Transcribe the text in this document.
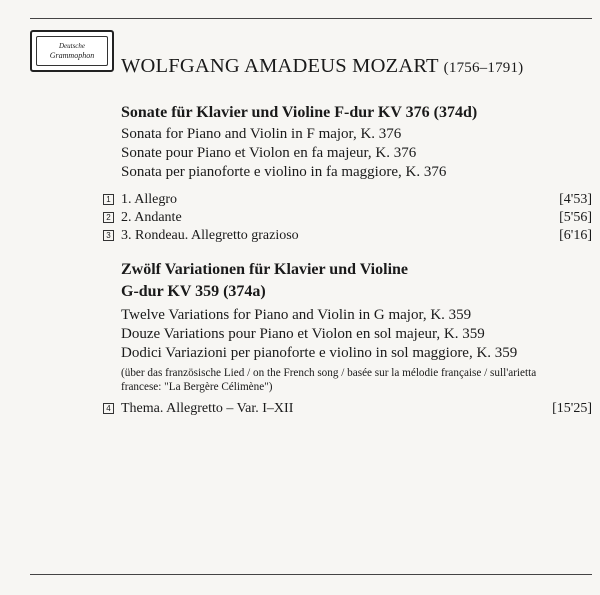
Deutsche
Grammophon WOLFGANG AMADEUS MOZART (1756–1791)
Sonate für Klavier und Violine F-dur KV 376 (374d)
Sonata for Piano and Violin in F major, K. 376
Sonate pour Piano et Violon en fa majeur, K. 376
Sonata per pianoforte e violino in fa maggiore, K. 376
1 1. Allegro	[4'53]
2 2. Andante	[5'56]
3 3. Rondeau. Allegretto grazioso	[6'16]
Zwölf Variationen für Klavier und Violine
G-dur KV 359 (374a)
Twelve Variations for Piano and Violin in G major, K. 359
Douze Variations pour Piano et Violon en sol majeur, K. 359
Dodici Variazioni per pianoforte e violino in sol maggiore, K. 359
(über das französische Lied / on the French song / basée sur la mélodie française / sull'arietta
francese: "La Bergère Célimène")
4 Thema. Allegretto – Var. I–XII	[15'25]
